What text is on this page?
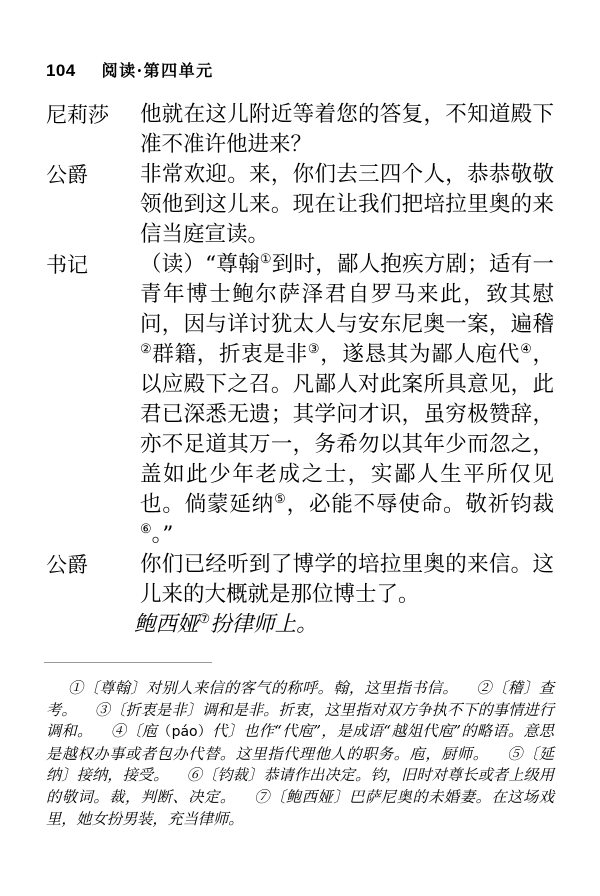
104 阅读·第四单元
尼莉莎	他就在这儿附近等着您的答复，不知道殿下准不准许他进来？
公爵	非常欢迎。来，你们去三四个人，恭恭敬敬领他到这儿来。现在让我们把培拉里奥的来信当庭宣读。
书记	（读）“尊翰①到时，鄙人抱疾方剧；适有一青年博士鲍尔萨泽君自罗马来此，致其慰问，因与详讨犹太人与安东尼奥一案，遍稽②群籍，折衷是非③，遂恳其为鄙人庖代④，以应殿下之召。凡鄙人对此案所具意见，此君已深悉无遗；其学问才识，虽穷极赞辞，亦不足道其万一，务希勿以其年少而忽之，盖如此少年老成之士，实鄙人生平所仅见也。倘蒙延纳⑤，必能不辱使命。敬祈钧裁⑥。”
公爵	你们已经听到了博学的培拉里奥的来信。这儿来的大概就是那位博士了。
鲍西娅⑦扮律师上。
①〔尊翰〕对别人来信的客气的称呼。翰，这里指书信。 ②〔稽〕查考。 ③〔折衷是非〕调和是非。折衷，这里指对双方争执不下的事情进行调和。 ④〔庖（páo）代〕也作“代庖”，是成语“越俎代庖”的略语。意思是越权办事或者包办代替。这里指代理他人的职务。庖，厨师。 ⑤〔延纳〕接纳，接受。 ⑥〔钧裁〕恭请作出决定。钧，旧时对尊长或者上级用的敬词。裁，判断、决定。 ⑦〔鲍西娅〕巴萨尼奥的未婚妻。在这场戏里，她女扮男装，充当律师。
